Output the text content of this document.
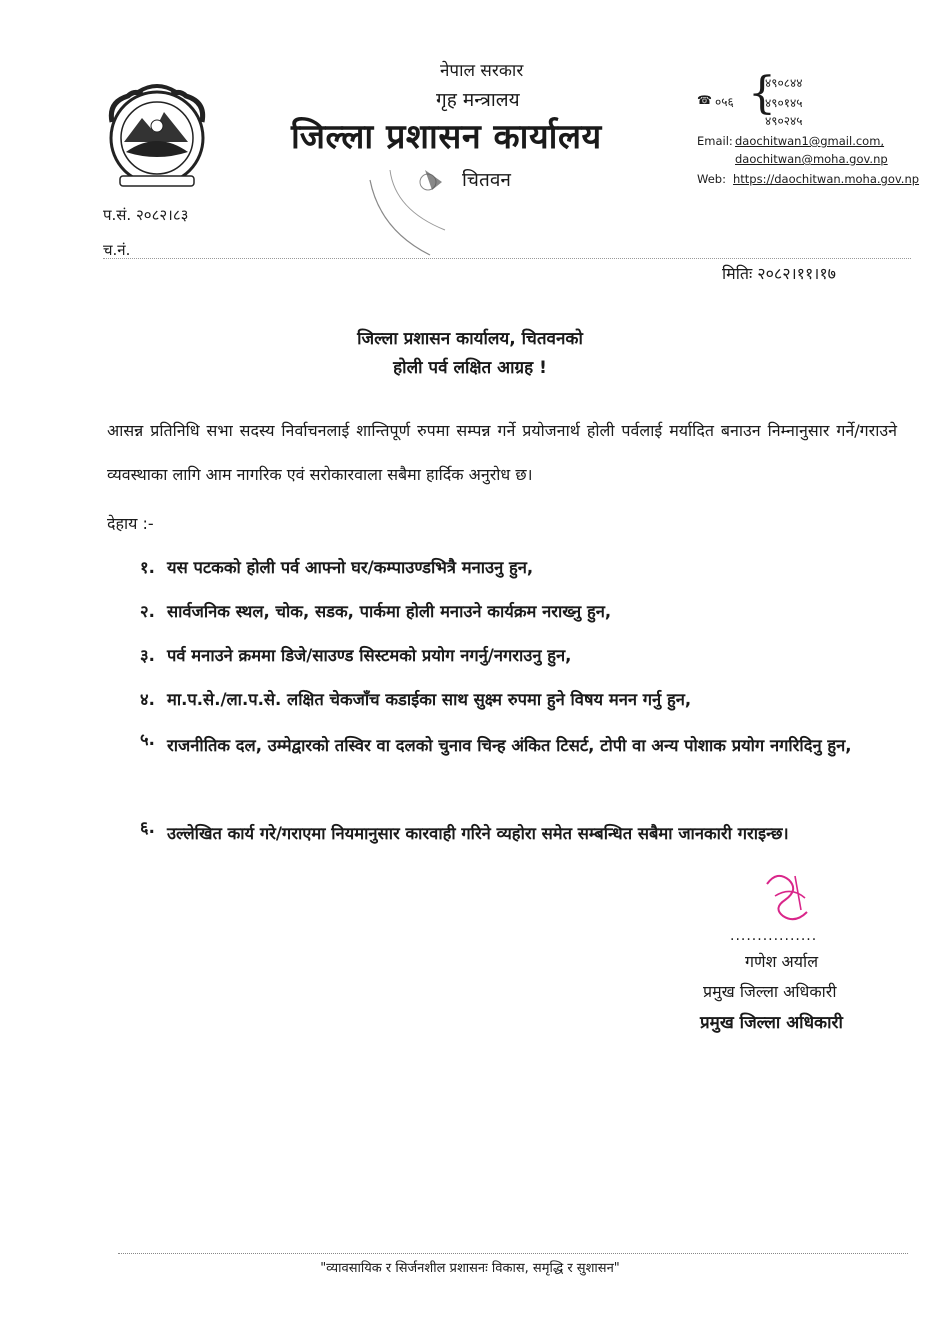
नेपाल सरकार
गृह मन्त्रालय
जिल्ला प्रशासन कार्यालय
चितवन
☎ ०५६ {
४९०८४४
४९०१४५
४९०२४५
Email: daochitwan1@gmail.com,
daochitwan@moha.gov.np
Web: https://daochitwan.moha.gov.np
प.सं. २०८२।८३
च.नं.
मितिः २०८२।११।१७
जिल्ला प्रशासन कार्यालय, चितवनको
होली पर्व लक्षित आग्रह !
आसन्न प्रतिनिधि सभा सदस्य निर्वाचनलाई शान्तिपूर्ण रुपमा सम्पन्न गर्ने प्रयोजनार्थ होली पर्वलाई मर्यादित बनाउन निम्नानुसार गर्ने/गराउने व्यवस्थाका लागि आम नागरिक एवं सरोकारवाला सबैमा हार्दिक अनुरोध छ।
देहाय :-
१. यस पटकको होली पर्व आफ्नो घर/कम्पाउण्डभित्रै मनाउनु हुन,
२. सार्वजनिक स्थल, चोक, सडक, पार्कमा होली मनाउने कार्यक्रम नराख्नु हुन,
३. पर्व मनाउने क्रममा डिजे/साउण्ड सिस्टमको प्रयोग नगर्नु/नगराउनु हुन,
४. मा.प.से./ला.प.से. लक्षित चेकजाँच कडाईका साथ सुक्ष्म रुपमा हुने विषय मनन गर्नु हुन,
५. राजनीतिक दल, उम्मेद्वारको तस्विर वा दलको चुनाव चिन्ह अंकित टिसर्ट, टोपी वा अन्य पोशाक प्रयोग नगरिदिनु हुन,
६. उल्लेखित कार्य गरे/गराएमा नियमानुसार कारवाही गरिने व्यहोरा समेत सम्बन्धित सबैमा जानकारी गराइन्छ।
................
गणेश अर्याल
प्रमुख जिल्ला अधिकारी
प्रमुख जिल्ला अधिकारी
"व्यावसायिक र सिर्जनशील प्रशासनः विकास, समृद्धि र सुशासन"
